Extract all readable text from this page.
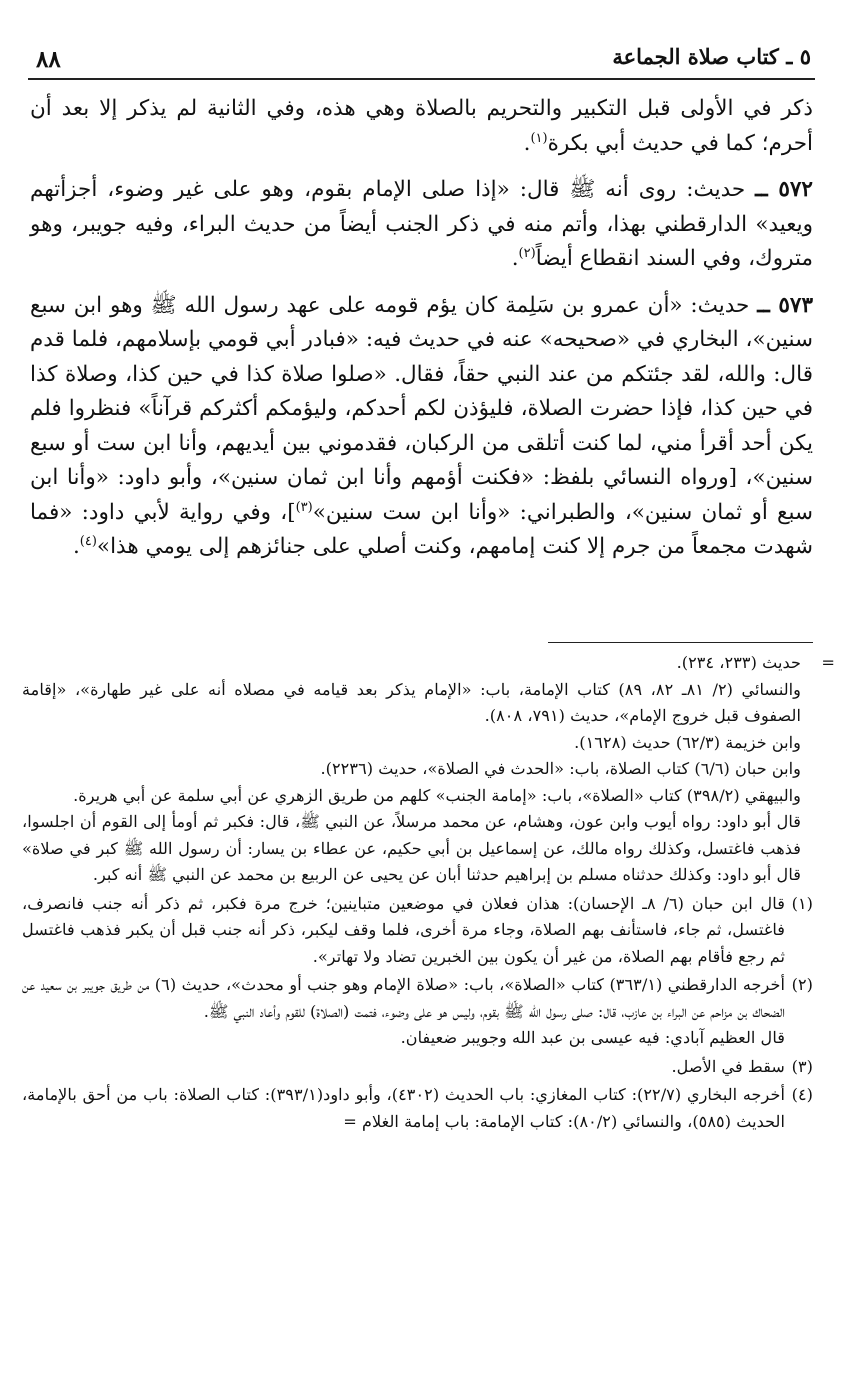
٥ ـ كتاب صلاة الجماعة
٨٨

ذكر في الأولى قبل التكبير والتحريم بالصلاة وهي هذه، وفي الثانية لم يذكر إلا بعد أن أحرم؛ كما في حديث أبي بكرة$^{(١)}$.

٥٧٢ ــ حديث: روى أنه ﷺ قال: «إذا صلى الإمام بقوم، وهو على غير وضوء، أجزأتهم ويعيد» الدارقطني بهذا، وأتم منه في ذكر الجنب أيضاً من حديث البراء، وفيه جويبر، وهو متروك، وفي السند انقطاع أيضاً$^{(٢)}$.

٥٧٣ ــ حديث: «أن عمرو بن سَلِمة كان يؤم قومه على عهد رسول الله ﷺ وهو ابن سبع سنين»، البخاري في «صحيحه» عنه في حديث فيه: «فبادر أبي قومي بإسلامهم، فلما قدم قال: والله، لقد جئتكم من عند النبي حقاً، فقال. «صلوا صلاة كذا في حين كذا، وصلاة كذا في حين كذا، فإذا حضرت الصلاة، فليؤذن لكم أحدكم، وليؤمكم أكثركم قرآناً» فنظروا فلم يكن أحد أقرأ مني، لما كنت أتلقى من الركبان، فقدموني بين أيديهم، وأنا ابن ست أو سبع سنين»، [ورواه النسائي بلفظ: «فكنت أؤمهم وأنا ابن ثمان سنين»، وأبو داود: «وأنا ابن سبع أو ثمان سنين»، والطبراني: «وأنا ابن ست سنين»$^{(٣)}$]، وفي رواية لأبي داود: «فما شهدت مجمعاً من جرم إلا كنت إمامهم، وكنت أصلي على جنائزهم إلى يومي هذا»$^{(٤)}$.

=

حديث (٢٣٣، ٢٣٤).

والنسائي (٢/ ٨١ـ ٨٢، ٨٩) كتاب الإمامة، باب: «الإمام يذكر بعد قيامه في مصلاه أنه على غير طهارة»، «إقامة الصفوف قبل خروج الإمام»، حديث (٧٩١، ٨٠٨).

وابن خزيمة (٦٢/٣) حديث (١٦٢٨).

وابن حبان (٦/٦) كتاب الصلاة، باب: «الحدث في الصلاة»، حديث (٢٢٣٦).

والبيهقي (٣٩٨/٢) كتاب «الصلاة»، باب: «إمامة الجنب» كلهم من طريق الزهري عن أبي سلمة عن أبي هريرة.

قال أبو داود: رواه أيوب وابن عون، وهشام، عن محمد مرسلاً، عن النبي ﷺ، قال: فكبر ثم أومأ إلى القوم أن اجلسوا، فذهب فاغتسل، وكذلك رواه مالك، عن إسماعيل بن أبي حكيم، عن عطاء بن يسار: أن رسول الله ﷺ كبر في صلاة» قال أبو داود: وكذلك حدثناه مسلم بن إبراهيم حدثنا أبان عن يحيى عن الربيع بن محمد عن النبي ﷺ أنه كبر.

(١)
قال ابن حبان (٦/ ٨ـ الإحسان): هذان فعلان في موضعين متباينين؛ خرج مرة فكبر، ثم ذكر أنه جنب فانصرف، فاغتسل، ثم جاء، فاستأنف بهم الصلاة، وجاء مرة أخرى، فلما وقف ليكبر، ذكر أنه جنب قبل أن يكبر فذهب فاغتسل ثم رجع فأقام بهم الصلاة، من غير أن يكون بين الخبرين تضاد ولا تهاتر».
(٢)
أخرجه الدارقطني (٣٦٣/١) كتاب «الصلاة»، باب: «صلاة الإمام وهو جنب أو محدث»، حديث (٦) من طريق جويبر بن سعيد عن الضحاك بن مزاحم عن البراء بن عازب، قال: صلى رسول الله ﷺ بقوم، وليس هو على وضوء، فتمت (الصلاة) للقوم وأعاد النبي ﷺ.
قال العظيم آبادي: فيه عيسى بن عبد الله وجويبر ضعيفان.
(٣)
سقط في الأصل.
(٤)
أخرجه البخاري (٢٢/٧): كتاب المغازي: باب الحديث (٤٣٠٢)، وأبو داود(٣٩٣/١): كتاب الصلاة: باب من أحق بالإمامة، الحديث (٥٨٥)، والنسائي (٨٠/٢): كتاب الإمامة: باب إمامة الغلام =
